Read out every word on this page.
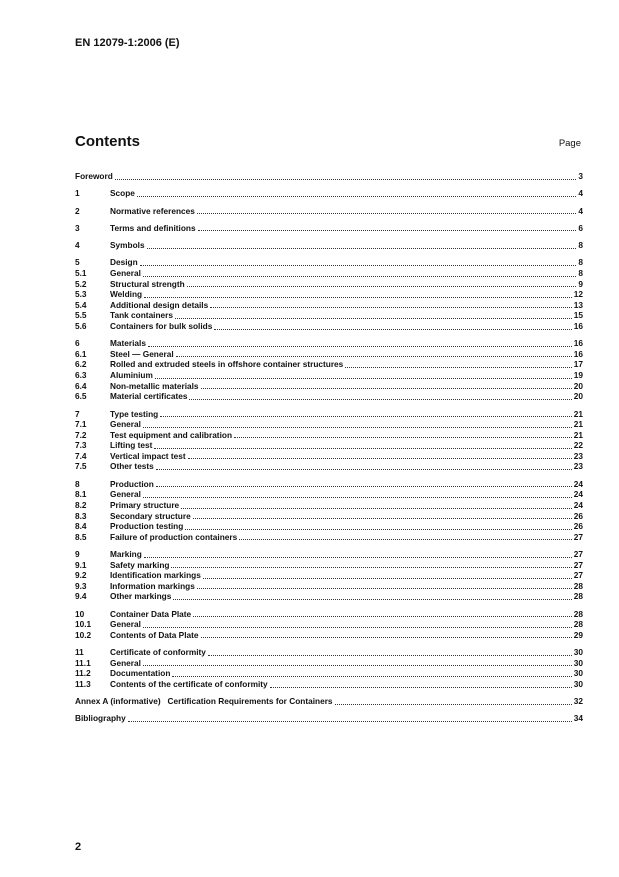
EN 12079-1:2006 (E)
Contents	Page
Foreword	3
1	Scope	4
2	Normative references	4
3	Terms and definitions	6
4	Symbols	8
5	Design	8
5.1	General	8
5.2	Structural strength	9
5.3	Welding	12
5.4	Additional design details	13
5.5	Tank containers	15
5.6	Containers for bulk solids	16
6	Materials	16
6.1	Steel — General	16
6.2	Rolled and extruded steels in offshore container structures	17
6.3	Aluminium	19
6.4	Non-metallic materials	20
6.5	Material certificates	20
7	Type testing	21
7.1	General	21
7.2	Test equipment and calibration	21
7.3	Lifting test	22
7.4	Vertical impact test	23
7.5	Other tests	23
8	Production	24
8.1	General	24
8.2	Primary structure	24
8.3	Secondary structure	26
8.4	Production testing	26
8.5	Failure of production containers	27
9	Marking	27
9.1	Safety marking	27
9.2	Identification markings	27
9.3	Information markings	28
9.4	Other markings	28
10	Container Data Plate	28
10.1	General	28
10.2	Contents of Data Plate	29
11	Certificate of conformity	30
11.1	General	30
11.2	Documentation	30
11.3	Contents of the certificate of conformity	30
Annex A (informative)   Certification Requirements for Containers	32
Bibliography	34
2
